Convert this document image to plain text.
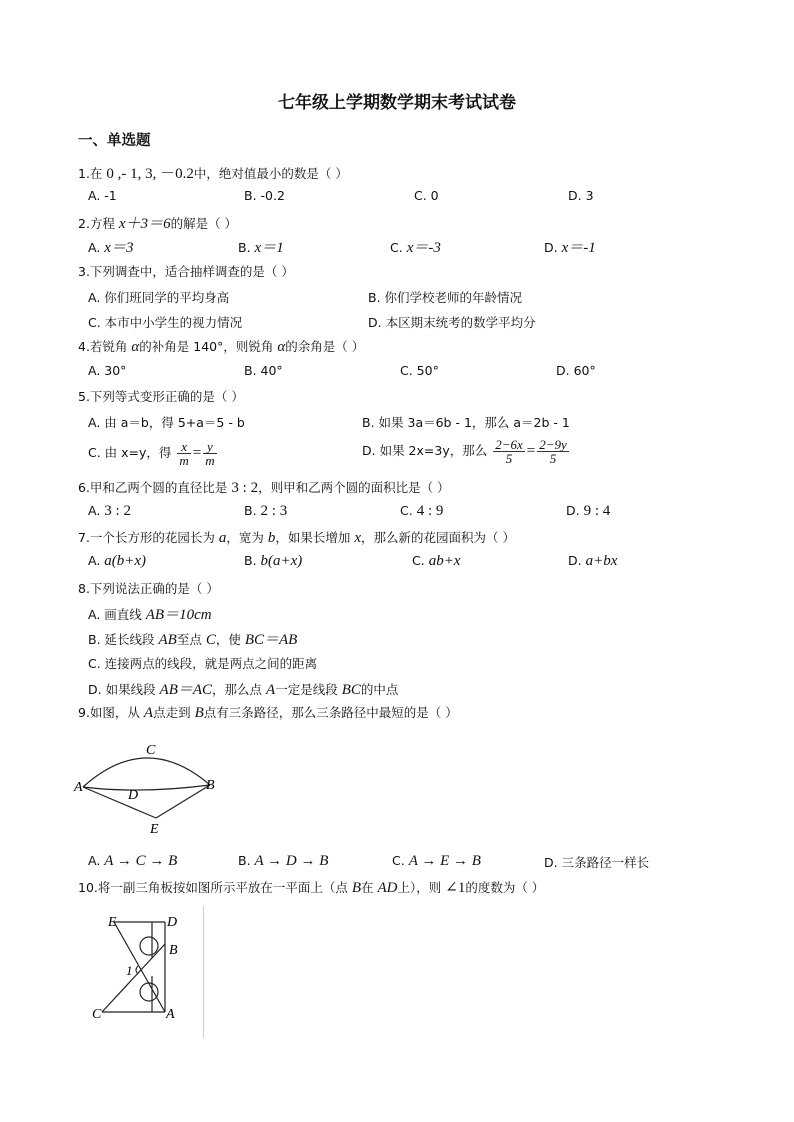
七年级上学期数学期末考试试卷
一、单选题
1.在 0 ,- 1, 3, －0.2中，绝对值最小的数是（ ）
A. -1	B. -0.2	C. 0	D. 3
2.方程 x＋3＝6的解是（ ）
A. x＝3	B. x＝1	C. x＝-3	D. x＝-1
3.下列调查中，适合抽样调查的是（ ）
A. 你们班同学的平均身高	B. 你们学校老师的年龄情况
C. 本市中小学生的视力情况	D. 本区期末统考的数学平均分
4.若锐角 α的补角是 140°，则锐角 α的余角是（ ）
A. 30°	B. 40°	C. 50°	D. 60°
5.下列等式变形正确的是（ ）
A. 由 a＝b，得 5+a＝5 - b	B. 如果 3a＝6b - 1，那么 a＝2b - 1
C. 由 x=y，得 $\frac{x}{m} = \frac{y}{m}$	D. 如果 2x=3y，那么 $\frac{2-6x}{5} = \frac{2-9y}{5}$
6.甲和乙两个圆的直径比是 3 : 2，则甲和乙两个圆的面积比是（ ）
A. 3 : 2	B. 2 : 3	C. 4 : 9	D. 9 : 4
7.一个长方形的花园长为 a，宽为 b，如果长增加 x，那么新的花园面积为（ ）
A. a(b+x)	B. b(a+x)	C. ab+x	D. a+bx
8.下列说法正确的是（ ）
A. 画直线 AB＝10cm
B. 延长线段 AB至点 C，使 BC＝AB
C. 连接两点的线段，就是两点之间的距离
D. 如果线段 AB＝AC，那么点 A一定是线段 BC的中点
9.如图，从 A点走到 B点有三条路径，那么三条路径中最短的是（ ）
C
A	B
D
E
A. A → C → B	B. A → D → B	C. A → E → B	D. 三条路径一样长
10.将一副三角板按如图所示平放在一平面上（点 B在 AD上），则 ∠1的度数为（ ）
E	D
B
1
C	A
